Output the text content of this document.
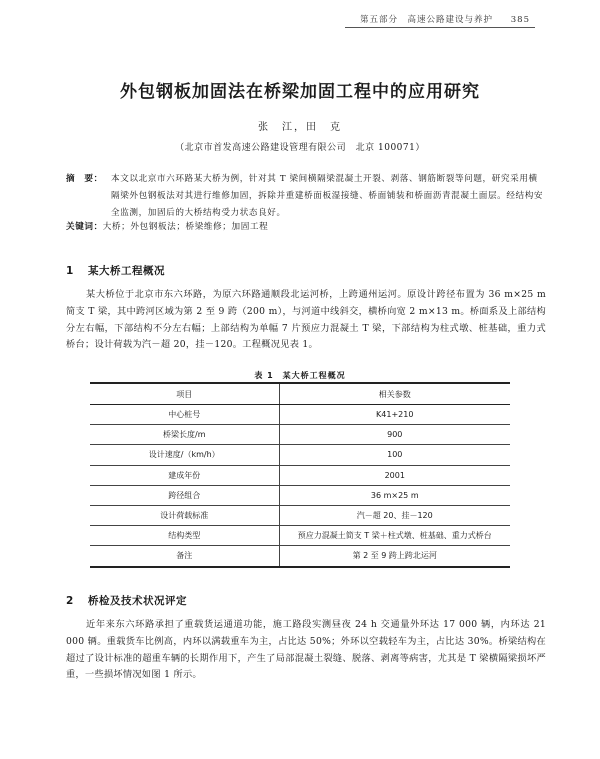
第五部分　高速公路建设与养护 385
外包钢板加固法在桥梁加固工程中的应用研究
张　江，田　克
（北京市首发高速公路建设管理有限公司　北京 100071）
摘　要： 本文以北京市六环路某大桥为例，针对其 T 梁间横隔梁混凝土开裂、剥落、钢筋断裂等问题，研究采用横隔梁外包钢板法对其进行维修加固，拆除并重建桥面板湿接缝、桥面铺装和桥面沥青混凝土面层。经结构安全监测，加固后的大桥结构受力状态良好。
关键词：大桥；外包钢板法；桥梁维修；加固工程
1 某大桥工程概况
某大桥位于北京市东六环路，为原六环路通顺段北运河桥，上跨通州运河。原设计跨径布置为 36 m×25 m 简支 T 梁，其中跨河区域为第 2 至 9 跨（200 m），与河道中线斜交，横桥向宽 2 m×13 m。桥面系及上部结构分左右幅，下部结构不分左右幅；上部结构为单幅 7 片预应力混凝土 T 梁，下部结构为柱式墩、桩基础，重力式桥台；设计荷载为汽－超 20，挂－120。工程概况见表 1。
表 1　某大桥工程概况
项目	相关参数
中心桩号	K41+210
桥梁长度/m	900
设计速度/（km/h）	100
建成年份	2001
跨径组合	36 m×25 m
设计荷载标准	汽－超 20、挂－120
结构类型	预应力混凝土简支 T 梁＋柱式墩、桩基础、重力式桥台
备注	第 2 至 9 跨上跨北运河
2 桥检及技术状况评定
近年来东六环路承担了重载货运通道功能，施工路段实测昼夜 24 h 交通量外环达 17 000 辆，内环达 21 000 辆。重载货车比例高，内环以满载重车为主，占比达 50%；外环以空载轻车为主，占比达 30%。桥梁结构在超过了设计标准的超重车辆的长期作用下，产生了局部混凝土裂缝、脱落、剥离等病害，尤其是 T 梁横隔梁损坏严重，一些损坏情况如图 1 所示。
